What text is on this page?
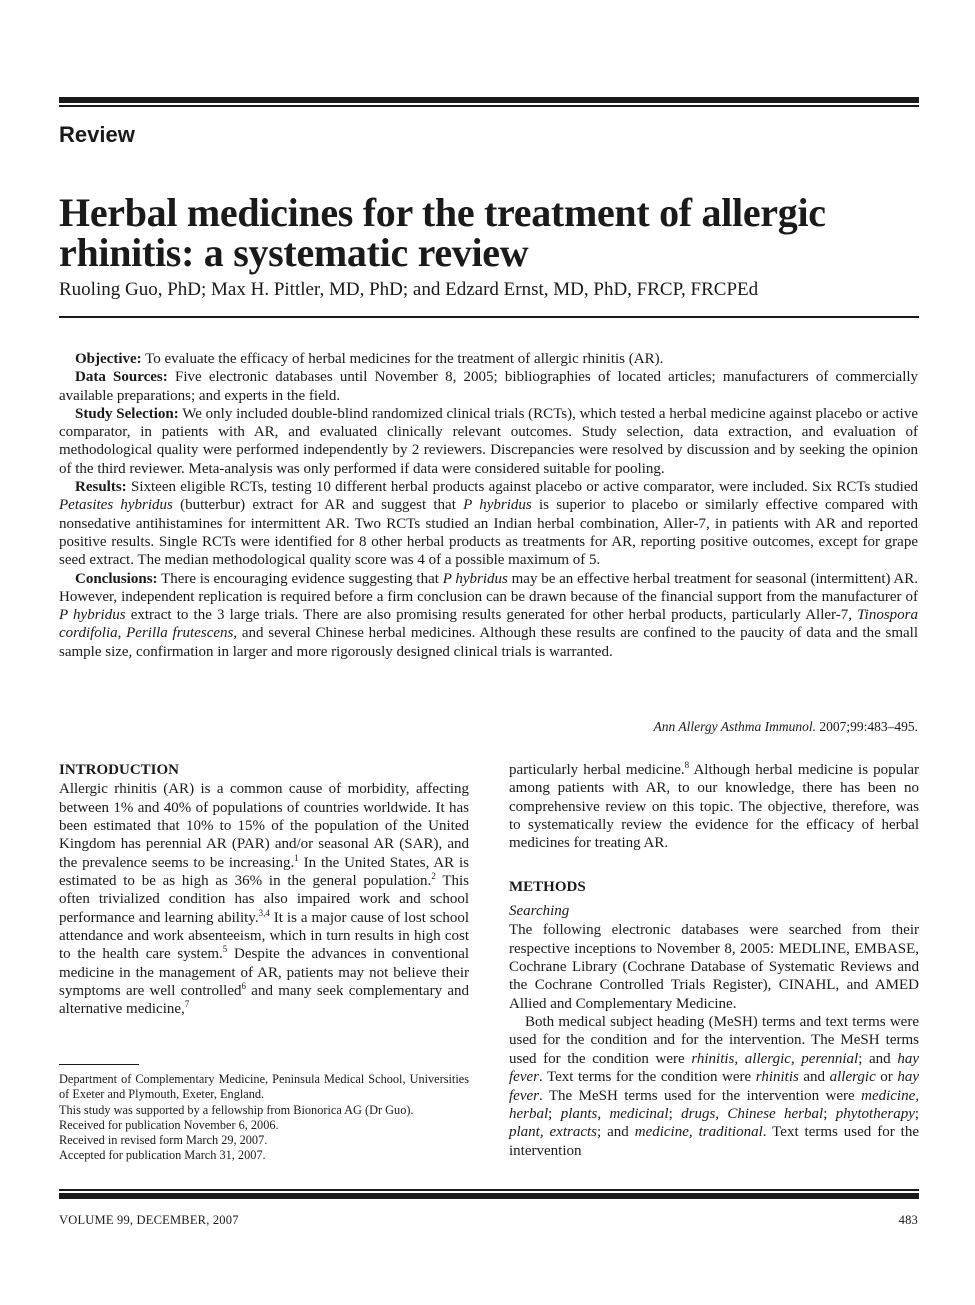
Review
Herbal medicines for the treatment of allergic
rhinitis: a systematic review
Ruoling Guo, PhD; Max H. Pittler, MD, PhD; and Edzard Ernst, MD, PhD, FRCP, FRCPEd

Objective: To evaluate the efficacy of herbal medicines for the treatment of allergic rhinitis (AR).

Data Sources: Five electronic databases until November 8, 2005; bibliographies of located articles; manufacturers of commercially available preparations; and experts in the field.

Study Selection: We only included double-blind randomized clinical trials (RCTs), which tested a herbal medicine against placebo or active comparator, in patients with AR, and evaluated clinically relevant outcomes. Study selection, data extraction, and evaluation of methodological quality were performed independently by 2 reviewers. Discrepancies were resolved by discussion and by seeking the opinion of the third reviewer. Meta-analysis was only performed if data were considered suitable for pooling.

Results: Sixteen eligible RCTs, testing 10 different herbal products against placebo or active comparator, were included. Six RCTs studied Petasites hybridus (butterbur) extract for AR and suggest that P hybridus is superior to placebo or similarly effective compared with nonsedative antihistamines for intermittent AR. Two RCTs studied an Indian herbal combination, Aller-7, in patients with AR and reported positive results. Single RCTs were identified for 8 other herbal products as treatments for AR, reporting positive outcomes, except for grape seed extract. The median methodological quality score was 4 of a possible maximum of 5.

Conclusions: There is encouraging evidence suggesting that P hybridus may be an effective herbal treatment for seasonal (intermittent) AR. However, independent replication is required before a firm conclusion can be drawn because of the financial support from the manufacturer of P hybridus extract to the 3 large trials. There are also promising results generated for other herbal products, particularly Aller-7, Tinospora cordifolia, Perilla frutescens, and several Chinese herbal medicines. Although these results are confined to the paucity of data and the small sample size, confirmation in larger and more rigorously designed clinical trials is warranted.

Ann Allergy Asthma Immunol. 2007;99:483–495.
INTRODUCTION

Allergic rhinitis (AR) is a common cause of morbidity, affecting between 1% and 40% of populations of countries worldwide. It has been estimated that 10% to 15% of the population of the United Kingdom has perennial AR (PAR) and/or seasonal AR (SAR), and the prevalence seems to be increasing.$^1$ In the United States, AR is estimated to be as high as 36% in the general population.$^2$ This often trivialized condition has also impaired work and school performance and learning ability.$^{3,4}$ It is a major cause of lost school attendance and work absenteeism, which in turn results in high cost to the health care system.$^5$ Despite the advances in conventional medicine in the management of AR, patients may not believe their symptoms are well controlled$^6$ and many seek complementary and alternative medicine,$^7$

Department of Complementary Medicine, Peninsula Medical School, Universities of Exeter and Plymouth, Exeter, England.

This study was supported by a fellowship from Bionorica AG (Dr Guo).

Received for publication November 6, 2006.

Received in revised form March 29, 2007.

Accepted for publication March 31, 2007.

particularly herbal medicine.$^8$ Although herbal medicine is popular among patients with AR, to our knowledge, there has been no comprehensive review on this topic. The objective, therefore, was to systematically review the evidence for the efficacy of herbal medicines for treating AR.

METHODS
Searching

The following electronic databases were searched from their respective inceptions to November 8, 2005: MEDLINE, EMBASE, Cochrane Library (Cochrane Database of Systematic Reviews and the Cochrane Controlled Trials Register), CINAHL, and AMED Allied and Complementary Medicine.

Both medical subject heading (MeSH) terms and text terms were used for the condition and for the intervention. The MeSH terms used for the condition were rhinitis, allergic, perennial; and hay fever. Text terms for the condition were rhinitis and allergic or hay fever. The MeSH terms used for the intervention were medicine, herbal; plants, medicinal; drugs, Chinese herbal; phytotherapy; plant, extracts; and medicine, traditional. Text terms used for the intervention

VOLUME 99, DECEMBER, 2007	483
